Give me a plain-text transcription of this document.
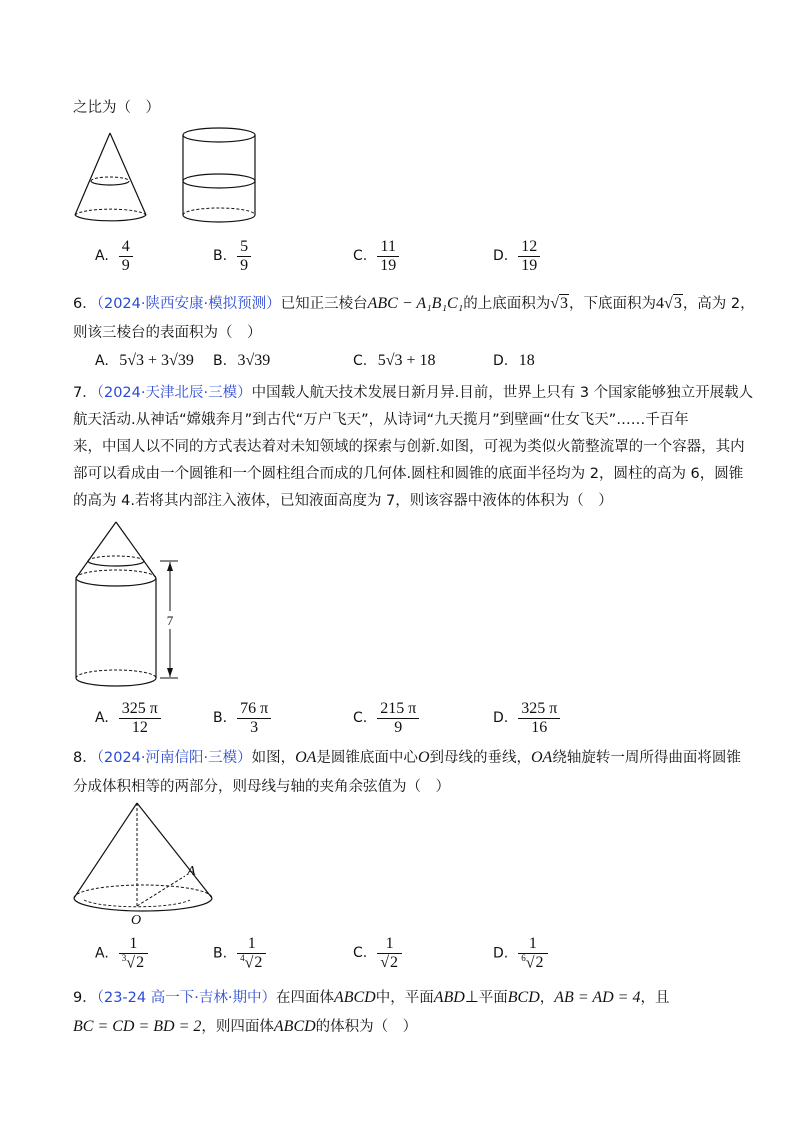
之比为（　）
A. $\frac{4}{9}$	B. $\frac{5}{9}$	C. $\frac{11}{19}$	D. $\frac{12}{19}$
6．（2024·陕西安康·模拟预测）已知正三棱台ABC − A₁B₁C₁的上底面积为√3，下底面积为4√3，高为 2，
则该三棱台的表面积为（　）
A. 5√3 + 3√39 B. 3√39	C. 5√3 + 18	D. 18
7．（2024·天津北辰·三模）中国载人航天技术发展日新月异.目前，世界上只有 3 个国家能够独立开展载人
航天活动.从神话“嫦娥奔月”到古代“万户飞天”，从诗词“九天揽月”到壁画“仕女飞天”……千百年
来，中国人以不同的方式表达着对未知领域的探索与创新.如图，可视为类似火箭整流罩的一个容器，其内
部可以看成由一个圆锥和一个圆柱组合而成的几何体.圆柱和圆锥的底面半径均为 2，圆柱的高为 6，圆锥
的高为 4.若将其内部注入液体，已知液面高度为 7，则该容器中液体的体积为（　）
7
A. $\frac{325 \pi}{12}$	B. $\frac{76 \pi}{3}$	C. $\frac{215 \pi}{9}$	D. $\frac{325 \pi}{16}$
8．（2024·河南信阳·三模）如图，OA是圆锥底面中心O到母线的垂线，OA绕轴旋转一周所得曲面将圆锥
分成体积相等的两部分，则母线与轴的夹角余弦值为（　）
A
O
A. $\frac{1}{^3√2}$	B. $\frac{1}{^4√2}$	C. $\frac{1}{√2}$	D. $\frac{1}{^6√2}$
9．（23-24 高一下·吉林·期中）在四面体ABCD中，平面ABD⊥平面BCD，AB = AD = 4，且
BC = CD = BD = 2，则四面体ABCD的体积为（　）
